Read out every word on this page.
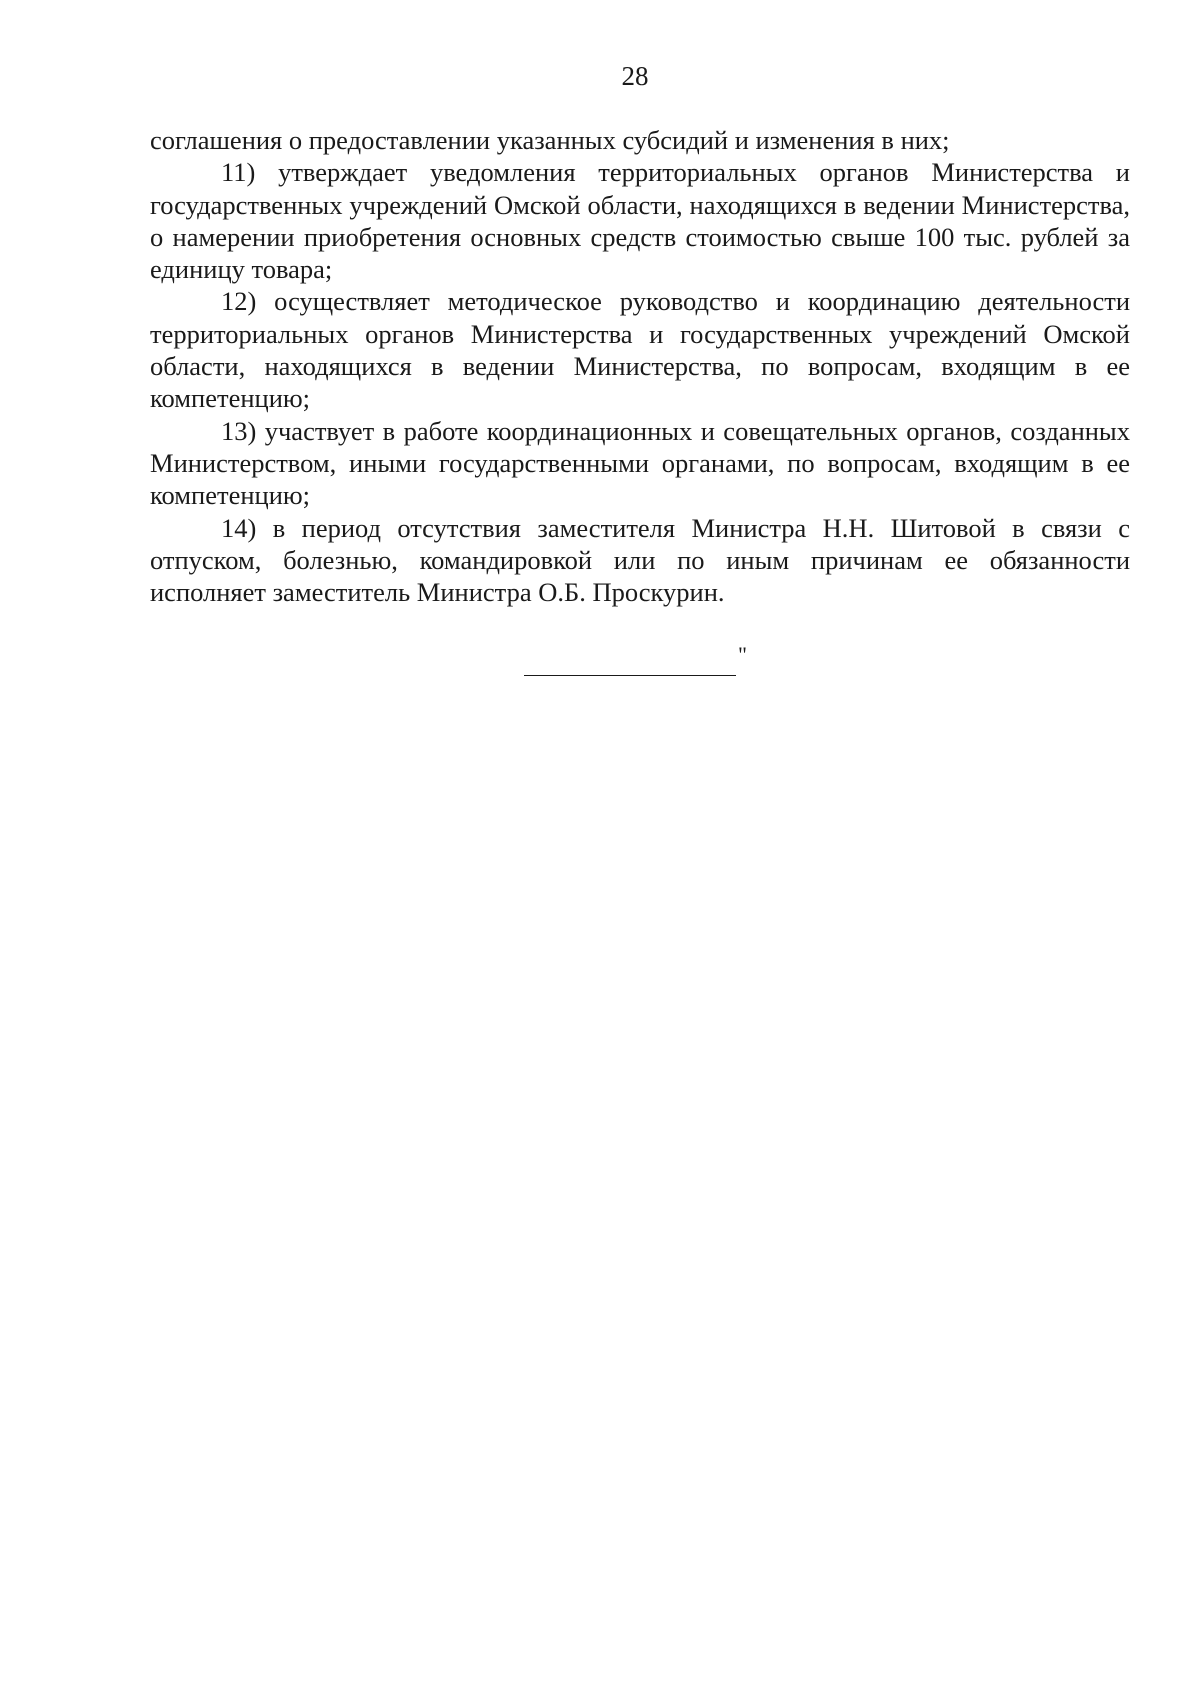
28

соглашения о предоставлении указанных субсидий и изменения в них;

11) утверждает уведомления территориальных органов Министерства и государственных учреждений Омской области, находящихся в ведении Министерства, о намерении приобретения основных средств стоимостью свыше 100 тыс. рублей за единицу товара;

12) осуществляет методическое руководство и координацию деятельности территориальных органов Министерства и государственных учреждений Омской области, находящихся в ведении Министерства, по вопросам, входящим в ее компетенцию;

13) участвует в работе координационных и совещательных органов, созданных Министерством, иными государственными органами, по вопросам, входящим в ее компетенцию;

14) в период отсутствия заместителя Министра Н.Н. Шитовой в связи с отпуском, болезнью, командировкой или по иным причинам ее обязанности исполняет заместитель Министра О.Б. Проскурин.

"
